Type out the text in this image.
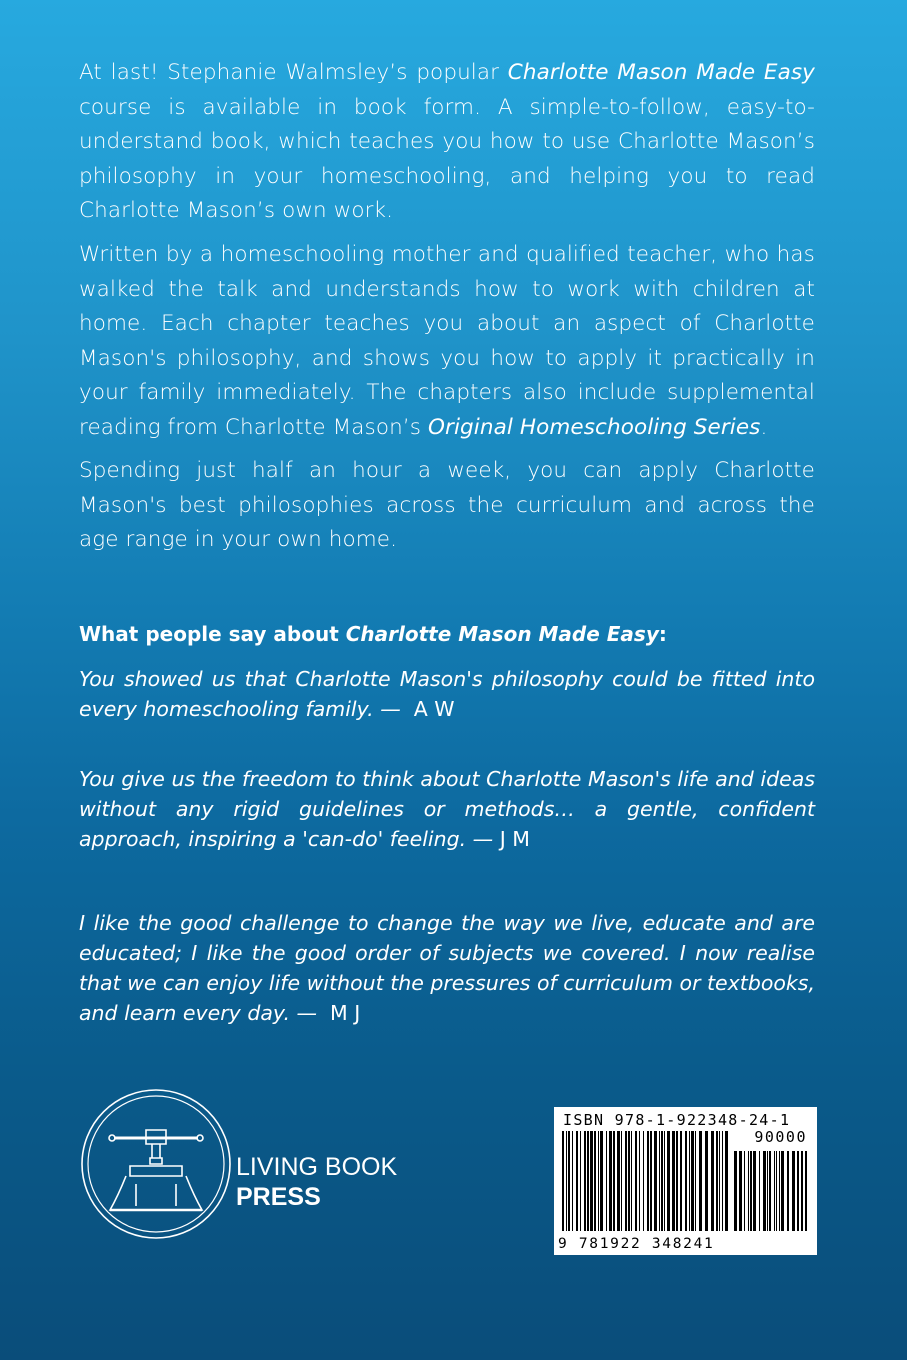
At last! Stephanie Walmsley’s popular Charlotte Mason Made Easy course is available in book form. A simple-to-follow, easy-to-understand book, which teaches you how to use Charlotte Mason’s philosophy in your homeschooling, and helping you to read Charlotte Mason’s own work.

Written by a homeschooling mother and qualified teacher, who has walked the talk and understands how to work with children at home. Each chapter teaches you about an aspect of Charlotte Mason's philosophy, and shows you how to apply it practically in your family immediately. The chapters also include supplemental reading from Charlotte Mason’s Original Homeschooling Series.

Spending just half an hour a week, you can apply Charlotte Mason's best philosophies across the curriculum and across the age range in your own home.

What people say about Charlotte Mason Made Easy:
You showed us that Charlotte Mason's philosophy could be fitted into every homeschooling family. — A W
You give us the freedom to think about Charlotte Mason's life and ideas without any rigid guidelines or methods… a gentle, confident approach, inspiring a 'can-do' feeling. — J M
I like the good challenge to change the way we live, educate and are educated; I like the good order of subjects we covered. I now realise that we can enjoy life without the pressures of curriculum or textbooks, and learn every day. — M J
LIVING BOOK
PRESS
ISBN 978-1-922348-24-1
90000
9 781922 348241
